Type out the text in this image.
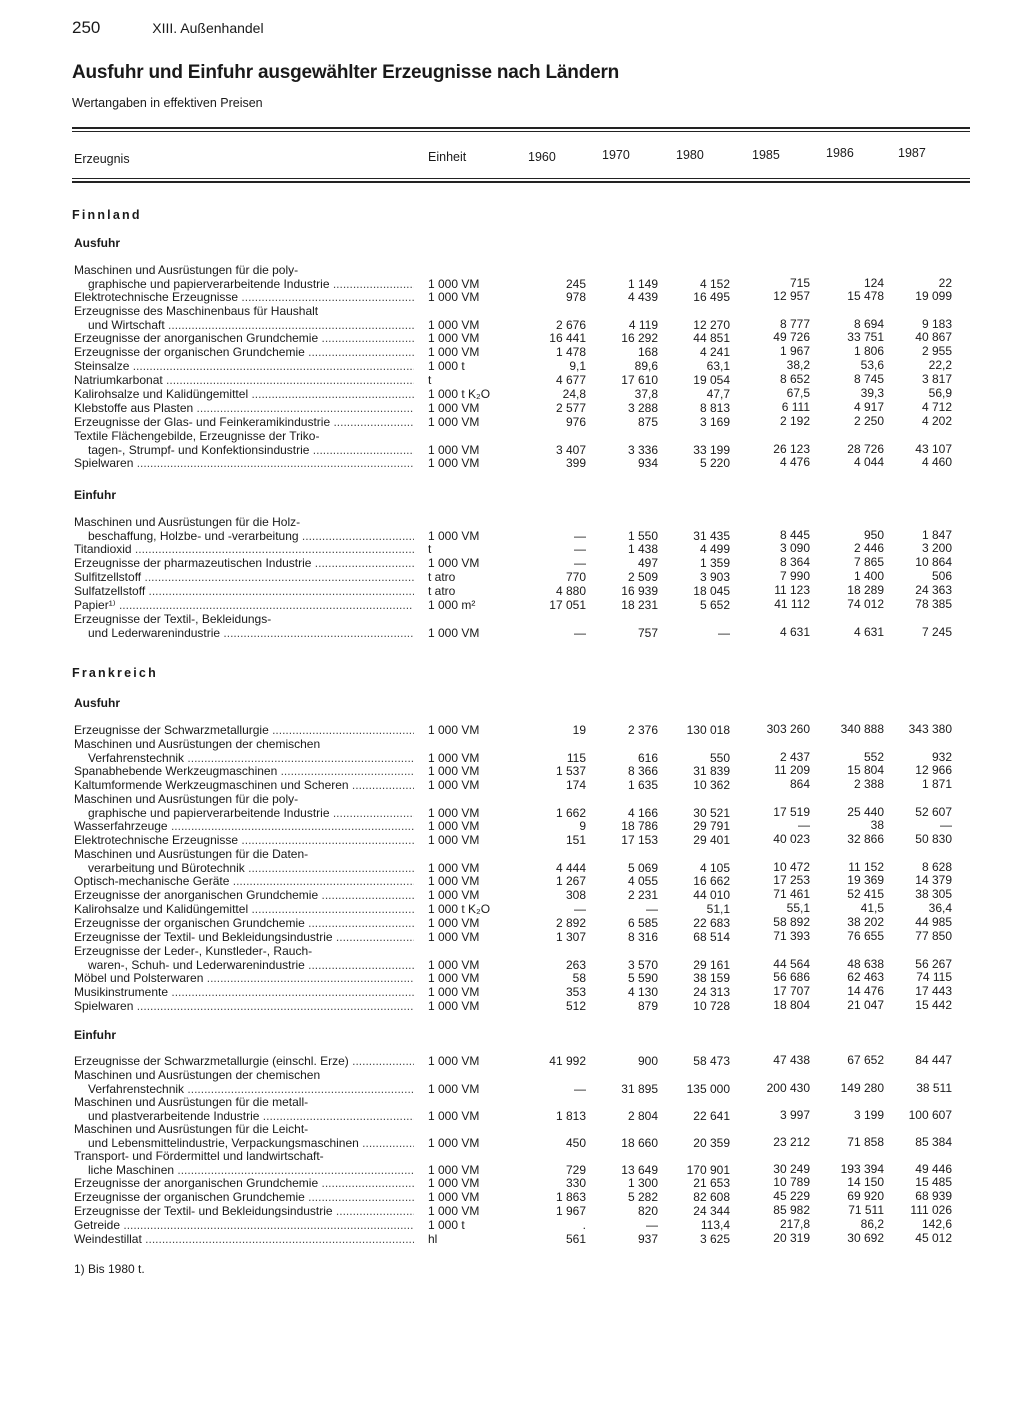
250	XIII. Außenhandel
Ausfuhr und Einfuhr ausgewählter Erzeugnisse nach Ländern
Wertangaben in effektiven Preisen
Erzeugnis	Einheit	1960	1970	1980	1985	1986	1987
Finnland
Ausfuhr
Maschinen und Ausrüstungen für die poly-
graphische und papierverarbeitende Industrie .....	1 000 VM	245	1 149	4 152	715	124	22
Elektrotechnische Erzeugnisse .....	1 000 VM	978	4 439	16 495	12 957	15 478	19 099
Erzeugnisse des Maschinenbaus für Haushalt
und Wirtschaft .....	1 000 VM	2 676	4 119	12 270	8 777	8 694	9 183
Erzeugnisse der anorganischen Grundchemie .....	1 000 VM	16 441	16 292	44 851	49 726	33 751	40 867
Erzeugnisse der organischen Grundchemie .....	1 000 VM	1 478	168	4 241	1 967	1 806	2 955
Steinsalze .....	1 000 t	9,1	89,6	63,1	38,2	53,6	22,2
Natriumkarbonat .....	t	4 677	17 610	19 054	8 652	8 745	3 817
Kalirohsalze und Kalidüngemittel .....	1 000 t K₂O	24,8	37,8	47,7	67,5	39,3	56,9
Klebstoffe aus Plasten .....	1 000 VM	2 577	3 288	8 813	6 111	4 917	4 712
Erzeugnisse der Glas- und Feinkeramikindustrie .....	1 000 VM	976	875	3 169	2 192	2 250	4 202
Textile Flächengebilde, Erzeugnisse der Triko-
tagen-, Strumpf- und Konfektionsindustrie .....	1 000 VM	3 407	3 336	33 199	26 123	28 726	43 107
Spielwaren .....	1 000 VM	399	934	5 220	4 476	4 044	4 460
Einfuhr
Maschinen und Ausrüstungen für die Holz-
beschaffung, Holzbe- und -verarbeitung .....	1 000 VM	—	1 550	31 435	8 445	950	1 847
Titandioxid .....	t	—	1 438	4 499	3 090	2 446	3 200
Erzeugnisse der pharmazeutischen Industrie .....	1 000 VM	—	497	1 359	8 364	7 865	10 864
Sulfitzellstoff .....	t atro	770	2 509	3 903	7 990	1 400	506
Sulfatzellstoff .....	t atro	4 880	16 939	18 045	11 123	18 289	24 363
Papier¹⁾ .....	1 000 m²	17 051	18 231	5 652	41 112	74 012	78 385
Erzeugnisse der Textil-, Bekleidungs-
und Lederwarenindustrie .....	1 000 VM	—	757	—	4 631	4 631	7 245
Frankreich
Ausfuhr
Erzeugnisse der Schwarzmetallurgie .....	1 000 VM	19	2 376	130 018	303 260	340 888	343 380
Maschinen und Ausrüstungen der chemischen
Verfahrenstechnik .....	1 000 VM	115	616	550	2 437	552	932
Spanabhebende Werkzeugmaschinen .....	1 000 VM	1 537	8 366	31 839	11 209	15 804	12 966
Kaltumformende Werkzeugmaschinen und Scheren .....	1 000 VM	174	1 635	10 362	864	2 388	1 871
Maschinen und Ausrüstungen für die poly-
graphische und papierverarbeitende Industrie .....	1 000 VM	1 662	4 166	30 521	17 519	25 440	52 607
Wasserfahrzeuge .....	1 000 VM	9	18 786	29 791	—	38	—
Elektrotechnische Erzeugnisse .....	1 000 VM	151	17 153	29 401	40 023	32 866	50 830
Maschinen und Ausrüstungen für die Daten-
verarbeitung und Bürotechnik .....	1 000 VM	4 444	5 069	4 105	10 472	11 152	8 628
Optisch-mechanische Geräte .....	1 000 VM	1 267	4 055	16 662	17 253	19 369	14 379
Erzeugnisse der anorganischen Grundchemie .....	1 000 VM	308	2 231	44 010	71 461	52 415	38 305
Kalirohsalze und Kalidüngemittel .....	1 000 t K₂O	—	—	51,1	55,1	41,5	36,4
Erzeugnisse der organischen Grundchemie .....	1 000 VM	2 892	6 585	22 683	58 892	38 202	44 985
Erzeugnisse der Textil- und Bekleidungsindustrie .....	1 000 VM	1 307	8 316	68 514	71 393	76 655	77 850
Erzeugnisse der Leder-, Kunstleder-, Rauch-
waren-, Schuh- und Lederwarenindustrie .....	1 000 VM	263	3 570	29 161	44 564	48 638	56 267
Möbel und Polsterwaren .....	1 000 VM	58	5 590	38 159	56 686	62 463	74 115
Musikinstrumente .....	1 000 VM	353	4 130	24 313	17 707	14 476	17 443
Spielwaren .....	1 000 VM	512	879	10 728	18 804	21 047	15 442
Einfuhr
Erzeugnisse der Schwarzmetallurgie (einschl. Erze) .....	1 000 VM	41 992	900	58 473	47 438	67 652	84 447
Maschinen und Ausrüstungen der chemischen
Verfahrenstechnik .....	1 000 VM	—	31 895	135 000	200 430	149 280	38 511
Maschinen und Ausrüstungen für die metall-
und plastverarbeitende Industrie .....	1 000 VM	1 813	2 804	22 641	3 997	3 199	100 607
Maschinen und Ausrüstungen für die Leicht-
und Lebensmittelindustrie, Verpackungsmaschinen .....	1 000 VM	450	18 660	20 359	23 212	71 858	85 384
Transport- und Fördermittel und landwirtschaft-
liche Maschinen .....	1 000 VM	729	13 649	170 901	30 249	193 394	49 446
Erzeugnisse der anorganischen Grundchemie .....	1 000 VM	330	1 300	21 653	10 789	14 150	15 485
Erzeugnisse der organischen Grundchemie .....	1 000 VM	1 863	5 282	82 608	45 229	69 920	68 939
Erzeugnisse der Textil- und Bekleidungsindustrie .....	1 000 VM	1 967	820	24 344	85 982	71 511	111 026
Getreide .....	1 000 t	.	—	113,4	217,8	86,2	142,6
Weindestillat .....	hl	561	937	3 625	20 319	30 692	45 012
1) Bis 1980 t.
